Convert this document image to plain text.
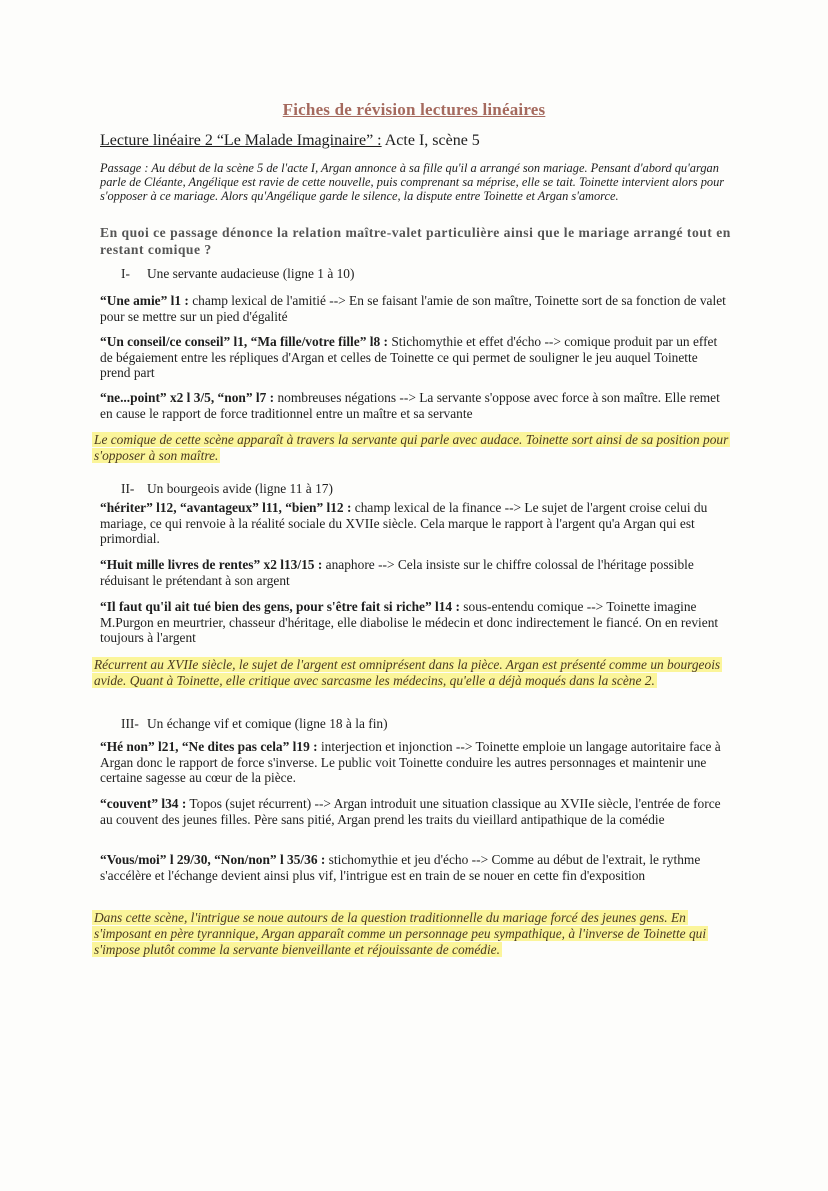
Fiches de révision lectures linéaires
Lecture linéaire 2 “Le Malade Imaginaire” : Acte I, scène 5
Passage : Au début de la scène 5 de l'acte I, Argan annonce à sa fille qu'il a arrangé son mariage. Pensant d'abord qu'argan parle de Cléante, Angélique est ravie de cette nouvelle, puis comprenant sa méprise, elle se tait. Toinette intervient alors pour s'opposer à ce mariage. Alors qu'Angélique garde le silence, la dispute entre Toinette et Argan s'amorce.
En quoi ce passage dénonce la relation maître-valet particulière ainsi que le mariage arrangé tout en restant comique ?
I- Une servante audacieuse (ligne 1 à 10)
“Une amie” l1 : champ lexical de l'amitié --> En se faisant l'amie de son maître, Toinette sort de sa fonction de valet pour se mettre sur un pied d'égalité
“Un conseil/ce conseil” l1, “Ma fille/votre fille” l8 : Stichomythie et effet d'écho --> comique produit par un effet de bégaiement entre les répliques d'Argan et celles de Toinette ce qui permet de souligner le jeu auquel Toinette prend part
“ne...point” x2 l 3/5, “non” l7 : nombreuses négations --> La servante s'oppose avec force à son maître. Elle remet en cause le rapport de force traditionnel entre un maître et sa servante
Le comique de cette scène apparaît à travers la servante qui parle avec audace. Toinette sort ainsi de sa position pour s'opposer à son maître.
II- Un bourgeois avide (ligne 11 à 17)
“hériter” l12, “avantageux” l11, “bien” l12 : champ lexical de la finance --> Le sujet de l'argent croise celui du mariage, ce qui renvoie à la réalité sociale du XVIIe siècle. Cela marque le rapport à l'argent qu'a Argan qui est primordial.
“Huit mille livres de rentes” x2 l13/15 : anaphore --> Cela insiste sur le chiffre colossal de l'héritage possible réduisant le prétendant à son argent
“Il faut qu'il ait tué bien des gens, pour s'être fait si riche” l14 : sous-entendu comique --> Toinette imagine M.Purgon en meurtrier, chasseur d'héritage, elle diabolise le médecin et donc indirectement le fiancé. On en revient toujours à l'argent
Récurrent au XVIIe siècle, le sujet de l'argent est omniprésent dans la pièce. Argan est présenté comme un bourgeois avide. Quant à Toinette, elle critique avec sarcasme les médecins, qu'elle a déjà moqués dans la scène 2.
III- Un échange vif et comique (ligne 18 à la fin)
“Hé non” l21, “Ne dites pas cela” l19 : interjection et injonction --> Toinette emploie un langage autoritaire face à Argan donc le rapport de force s'inverse. Le public voit Toinette conduire les autres personnages et maintenir une certaine sagesse au cœur de la pièce.
“couvent” l34 : Topos (sujet récurrent) --> Argan introduit une situation classique au XVIIe siècle, l'entrée de force au couvent des jeunes filles. Père sans pitié, Argan prend les traits du vieillard antipathique de la comédie
“Vous/moi” l 29/30, “Non/non” l 35/36 : stichomythie et jeu d'écho --> Comme au début de l'extrait, le rythme s'accélère et l'échange devient ainsi plus vif, l'intrigue est en train de se nouer en cette fin d'exposition
Dans cette scène, l'intrigue se noue autours de la question traditionnelle du mariage forcé des jeunes gens. En s'imposant en père tyrannique, Argan apparaît comme un personnage peu sympathique, à l'inverse de Toinette qui s'impose plutôt comme la servante bienveillante et réjouissante de comédie.
